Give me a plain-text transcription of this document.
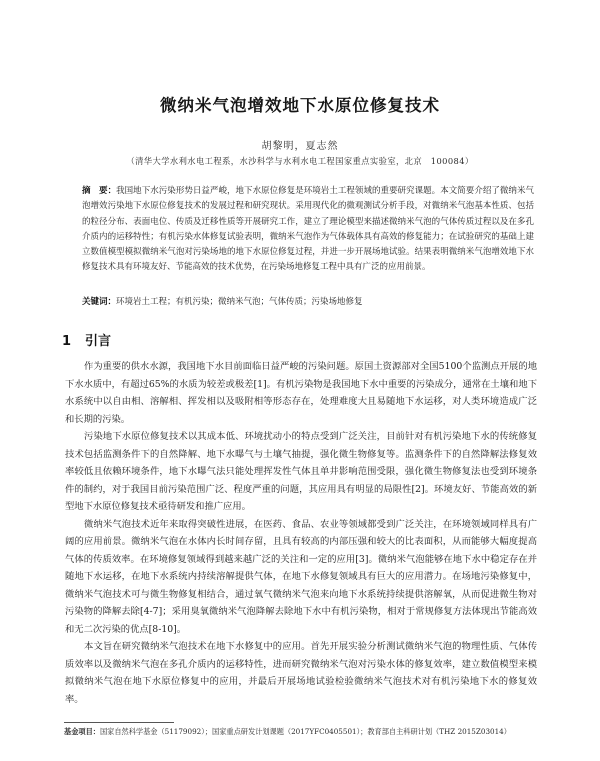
微纳米气泡增效地下水原位修复技术
胡黎明，夏志然
（清华大学水利水电工程系，水沙科学与水利水电工程国家重点实验室，北京　100084）
摘　要：我国地下水污染形势日益严峻，地下水原位修复是环境岩土工程领域的重要研究课题。本文简要介绍了微纳米气泡增效污染地下水原位修复技术的发展过程和研究现状。采用现代化的微观测试分析手段，对微纳米气泡基本性质、包括的粒径分布、表面电位、传质及迁移性质等开展研究工作，建立了理论模型来描述微纳米气泡的气体传质过程以及在多孔介质内的运移特性；有机污染水体修复试验表明，微纳米气泡作为气体载体具有高效的修复能力；在试验研究的基础上建立数值模型模拟微纳米气泡对污染场地的地下水原位修复过程，并进一步开展场地试验。结果表明微纳米气泡增效地下水修复技术具有环境友好、节能高效的技术优势，在污染场地修复工程中具有广泛的应用前景。
关键词：环境岩土工程；有机污染；微纳米气泡；气体传质；污染场地修复
1 引言

作为重要的供水水源，我国地下水目前面临日益严峻的污染问题。原国土资源部对全国5100个监测点开展的地下水水质中，有超过65%的水质为较差或极差[1]。有机污染物是我国地下水中重要的污染成分，通常在土壤和地下水系统中以自由相、溶解相、挥发相以及吸附相等形态存在，处理难度大且易随地下水运移，对人类环境造成广泛和长期的污染。

污染地下水原位修复技术以其成本低、环境扰动小的特点受到广泛关注，目前针对有机污染地下水的传统修复技术包括监测条件下的自然降解、地下水曝气与土壤气抽提，强化微生物修复等。监测条件下的自然降解法修复效率较低且依赖环境条件，地下水曝气法只能处理挥发性气体且单井影响范围受限，强化微生物修复法也受到环境条件的制约，对于我国目前污染范围广泛、程度严重的问题，其应用具有明显的局限性[2]。环境友好、节能高效的新型地下水原位修复技术亟待研发和推广应用。

微纳米气泡技术近年来取得突破性进展，在医药、食品、农业等领域都受到广泛关注，在环境领域同样具有广阔的应用前景。微纳米气泡在水体内长时间存留，且具有较高的内部压强和较大的比表面积，从而能够大幅度提高气体的传质效率。在环境修复领域得到越来越广泛的关注和一定的应用[3]。微纳米气泡能够在地下水中稳定存在并随地下水运移，在地下水系统内持续溶解提供气体，在地下水修复领域具有巨大的应用潜力。在场地污染修复中，微纳米气泡技术可与微生物修复相结合，通过氧气微纳米气泡来向地下水系统持续提供溶解氧，从而促进微生物对污染物的降解去除[4-7]；采用臭氧微纳米气泡降解去除地下水中有机污染物，相对于常规修复方法体现出节能高效和无二次污染的优点[8-10]。

本文旨在研究微纳米气泡技术在地下水修复中的应用。首先开展实验分析测试微纳米气泡的物理性质、气体传质效率以及微纳米气泡在多孔介质内的运移特性，进而研究微纳米气泡对污染水体的修复效率，建立数值模型来模拟微纳米气泡在地下水原位修复中的应用，并最后开展场地试验检验微纳米气泡技术对有机污染地下水的修复效率。

基金项目：国家自然科学基金（51179092）；国家重点研发计划课题（2017YFC0405501）；教育部自主科研计划（THZ 2015Z03014）
